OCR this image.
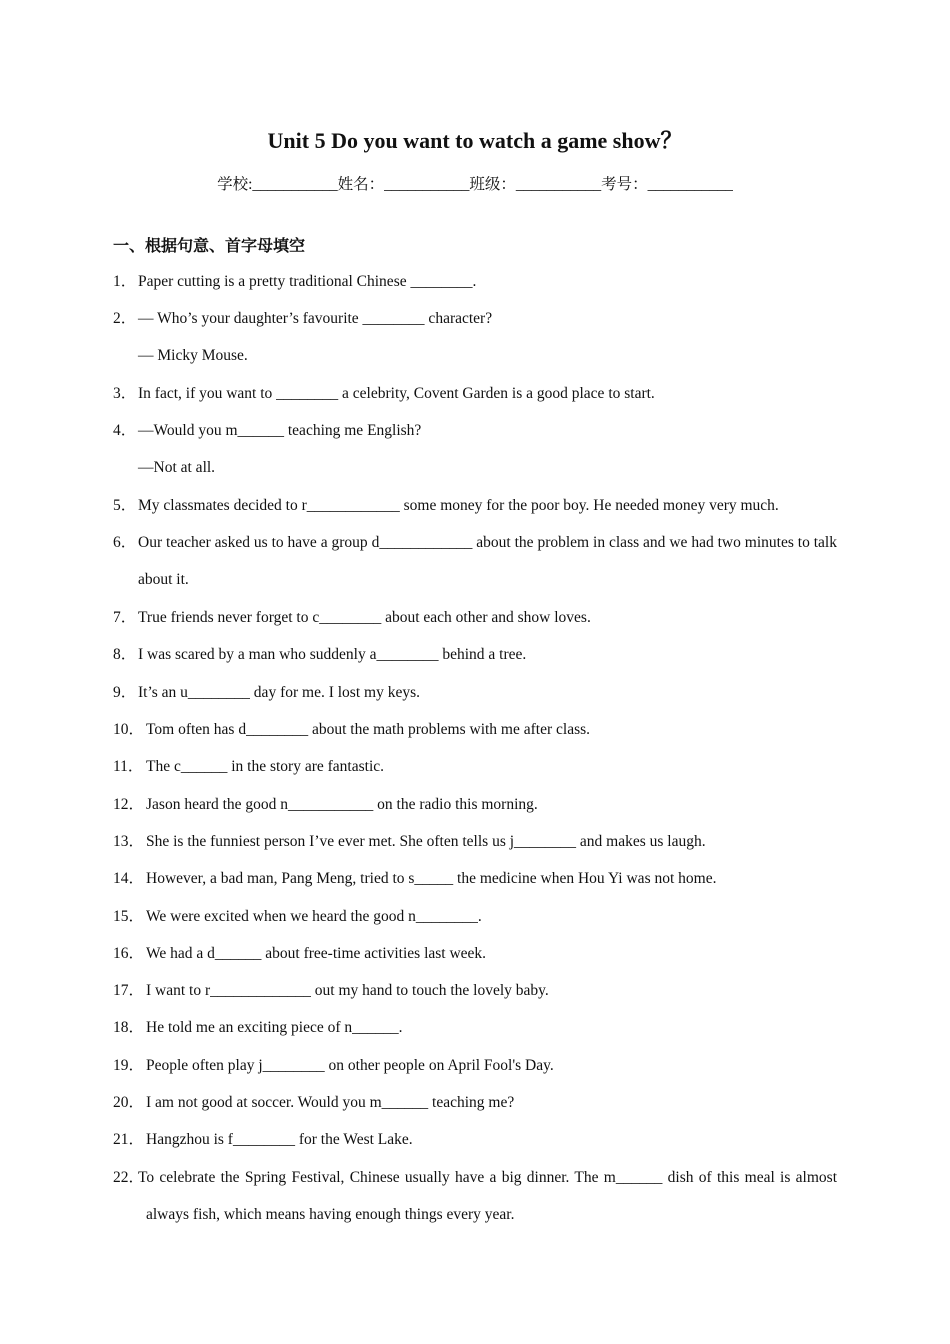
Unit 5 Do you want to watch a game show？
学校:___________姓名：___________班级：___________考号：___________
一、根据句意、首字母填空
1． Paper cutting is a pretty traditional Chinese ________.
2． — Who’s your daughter’s favourite ________ character?
— Micky Mouse.
3． In fact, if you want to ________ a celebrity, Covent Garden is a good place to start.
4． —Would you m______ teaching me English?
—Not at all.
5． My classmates decided to r____________ some money for the poor boy. He needed money very much.
6． Our teacher asked us to have a group d____________ about the problem in class and we had two minutes to talk about it.
7． True friends never forget to c________ about each other and show loves.
8． I was scared by a man who suddenly a________ behind a tree.
9． It’s an u________ day for me. I lost my keys.
10． Tom often has d________ about the math problems with me after class.
11． The c______ in the story are fantastic.
12． Jason heard the good n___________ on the radio this morning.
13． She is the funniest person I’ve ever met. She often tells us j________ and makes us laugh.
14． However, a bad man, Pang Meng, tried to s_____ the medicine when Hou Yi was not home.
15． We were excited when we heard the good n________.
16． We had a d______ about free-time activities last week.
17． I want to r_____________ out my hand to touch the lovely baby.
18． He told me an exciting piece of n______.
19． People often play j________ on other people on April Fool's Day.
20． I am not good at soccer. Would you m______ teaching me?
21． Hangzhou is f________ for the West Lake.
22．
To celebrate the Spring Festival, Chinese usually have a big dinner. The m______ dish of this meal is almost always fish, which means having enough things every year.
